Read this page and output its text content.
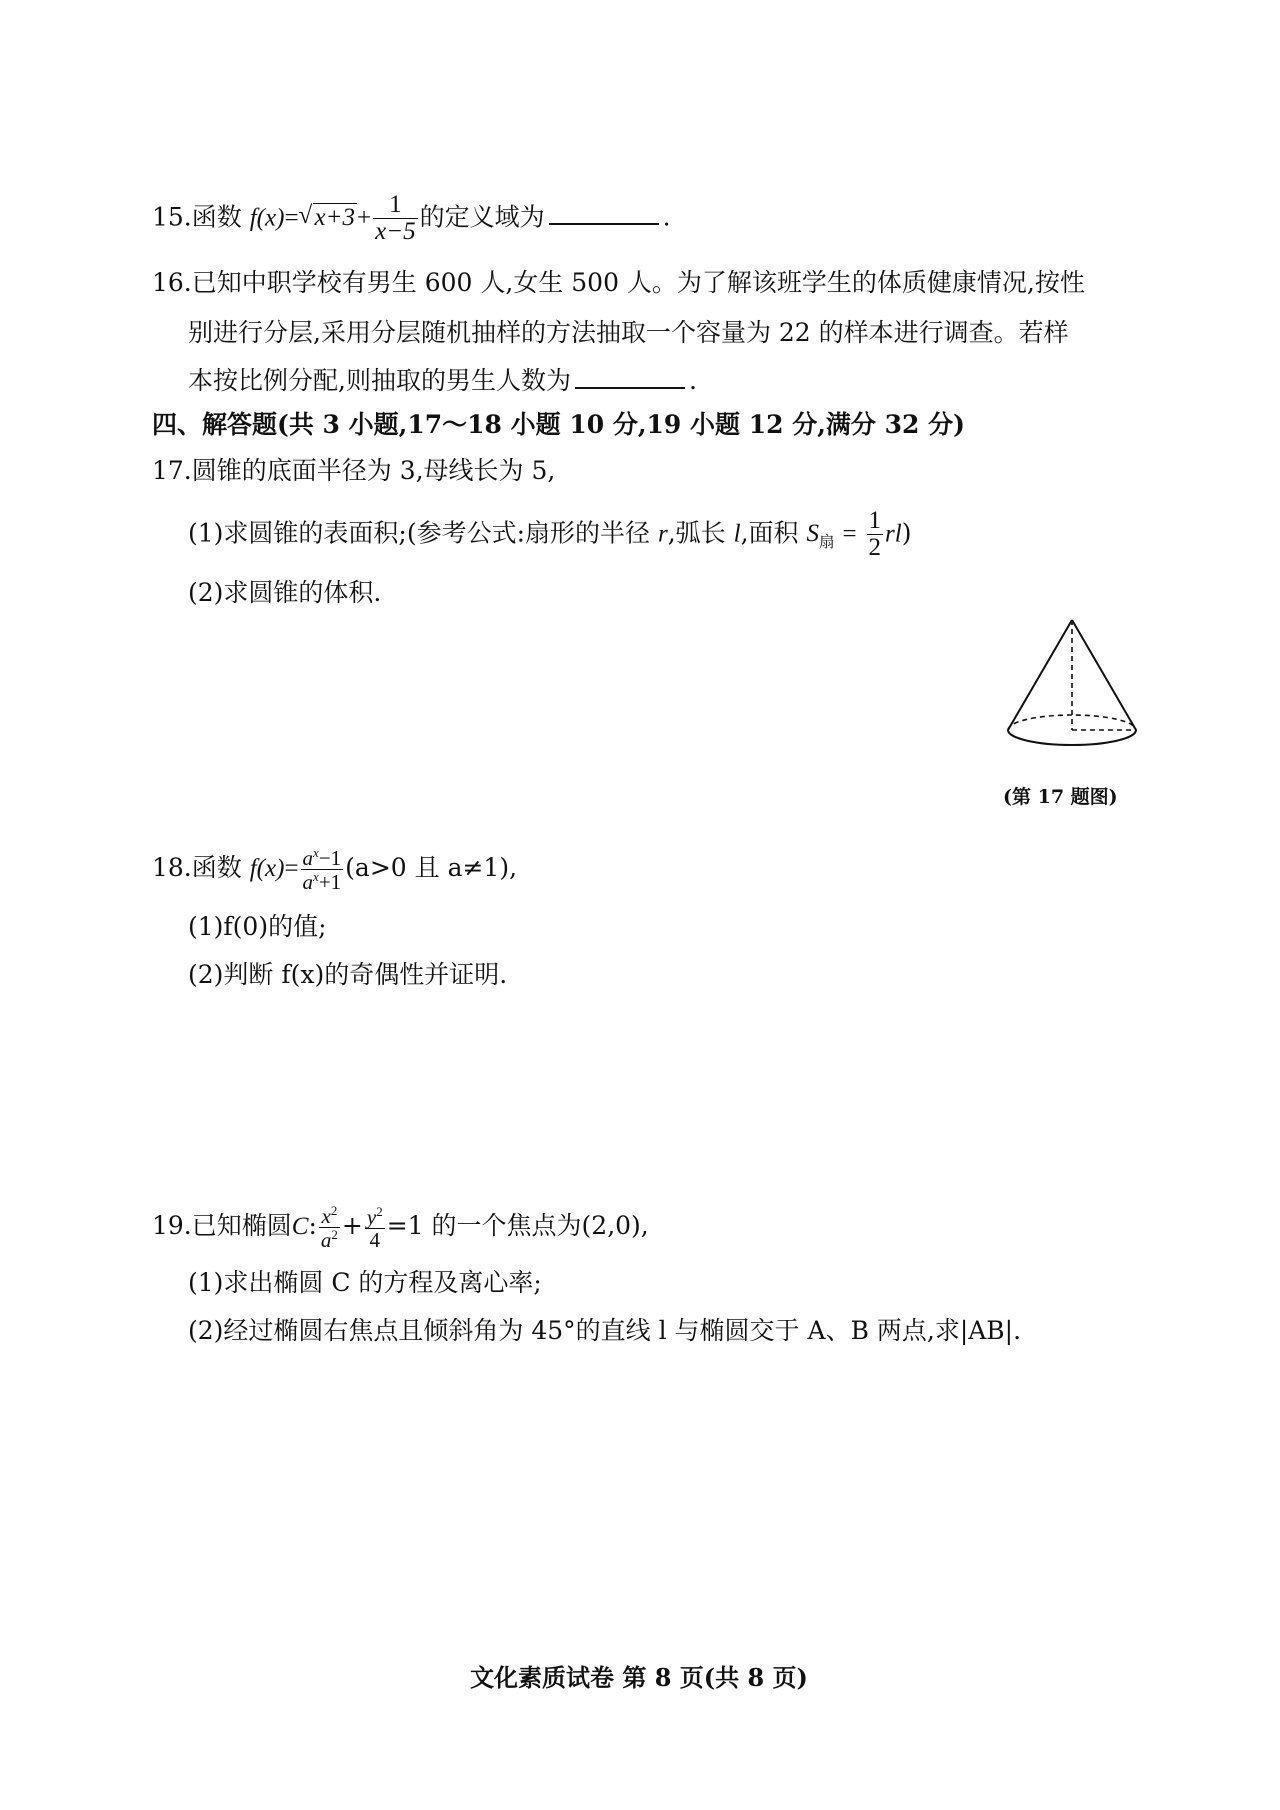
15.函数 f(x)= √ $x+3+ \frac{1}{x-5}$ 的定义域为	.
16.已知中职学校有男生 600 人,女生 500 人。为了解该班学生的体质健康情况,按性
别进行分层,采用分层随机抽样的方法抽取一个容量为 22 的样本进行调查。若样
本按比例分配,则抽取的男生人数为	.
四、解答题(共 3 小题,17～18 小题 10 分,19 小题 12 分,满分 32 分)
17.圆锥的底面半径为 3,母线长为 5,
(1)求圆锥的表面积;(参考公式:扇形的半径 r,弧长 l,面积 $S_扇 = \frac{1}{2} rl$)
(2)求圆锥的体积.
(第 17 题图)
18.函数 $f(x)= \frac{a^x-1}{a^x+1} (a>0$ 且 a≠1),
(1)f(0)的值;
(2)判断 f(x)的奇偶性并证明.
19.已知椭圆C: $\frac{x^2}{a^2} + \frac{y^2}{4} =1$ 的一个焦点为(2,0),
(1)求出椭圆 C 的方程及离心率;
(2)经过椭圆右焦点且倾斜角为 45°的直线 l 与椭圆交于 A、B 两点,求|AB|.
文化素质试卷 第 8 页(共 8 页)
